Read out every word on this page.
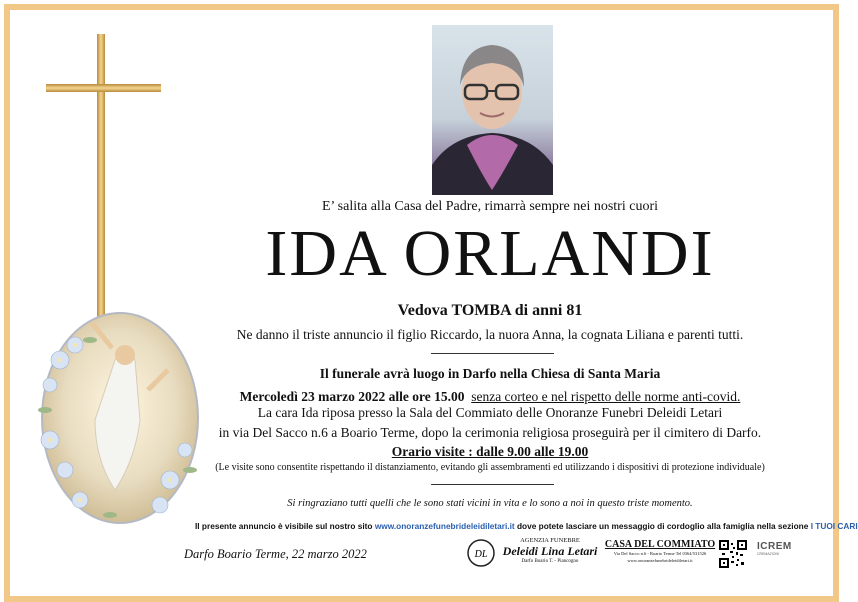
E’ salita alla Casa del Padre, rimarrà sempre nei nostri cuori
IDA ORLANDI
Vedova TOMBA di anni 81
Ne danno il triste annuncio il figlio Riccardo, la nuora Anna, la cognata Liliana e parenti tutti.
Il funerale avrà luogo in Darfo nella Chiesa di Santa Maria
Mercoledì 23 marzo 2022 alle ore 15.00 senza corteo e nel rispetto delle norme anti-covid.
La cara Ida riposa presso la Sala del Commiato delle Onoranze Funebri Deleidi Letari
in via Del Sacco n.6 a Boario Terme, dopo la cerimonia religiosa proseguirà per il cimitero di Darfo.
Orario visite : dalle 9.00 alle 19.00
(Le visite sono consentite rispettando il distanziamento, evitando gli assembramenti ed utilizzando i dispositivi di protezione individuale)
Si ringraziano tutti quelli che le sono stati vicini in vita e lo sono a noi in questo triste momento.
Il presente annuncio è visibile sul nostro sito www.onoranzefunebrideleidiletari.it dove potete lasciare un messaggio di cordoglio alla famiglia nella sezione I TUOI CARI
Darfo Boario Terme, 22 marzo 2022	DL
AGENZIA FUNEBRE
Deleidi Lina Letari
Darfo Boario T. - Piancogno
CASA DEL COMMIATO
Via Del Sacco n.6 - Boario Terme Tel 0364/531526
www.onoranzefunebrideleidiletari.it
ICREM
CREMAZIONI
